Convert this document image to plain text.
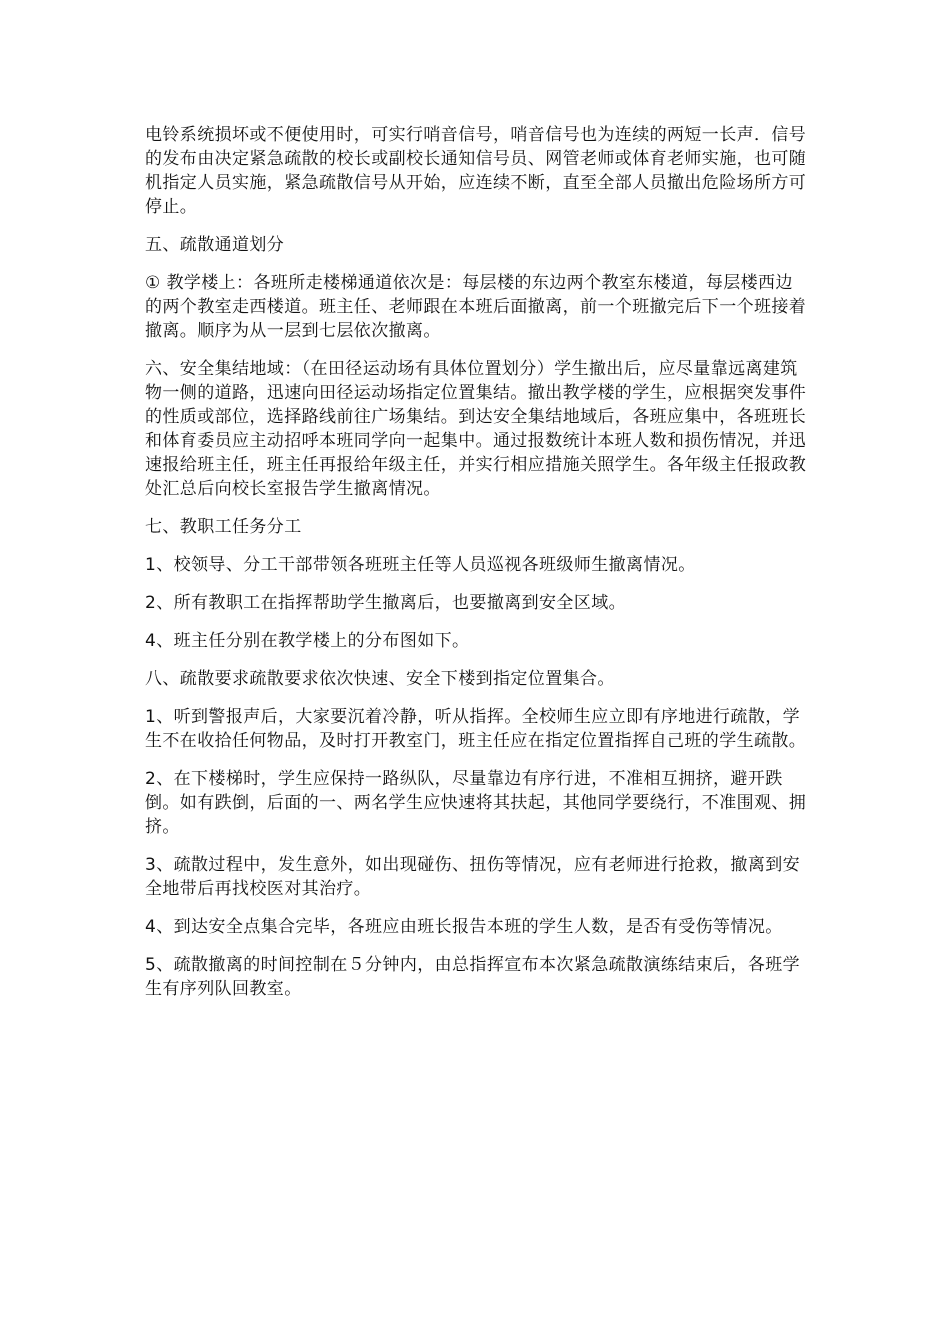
电铃系统损坏或不便使用时，可实行哨音信号，哨音信号也为连续的两短一长声．信号的发布由决定紧急疏散的校长或副校长通知信号员、网管老师或体育老师实施，也可随机指定人员实施，紧急疏散信号从开始，应连续不断，直至全部人员撤出危险场所方可停止。

五、疏散通道划分

① 教学楼上：各班所走楼梯通道依次是：每层楼的东边两个教室东楼道，每层楼西边的两个教室走西楼道。班主任、老师跟在本班后面撤离，前一个班撤完后下一个班接着撤离。顺序为从一层到七层依次撤离。

六、安全集结地域：（在田径运动场有具体位置划分）学生撤出后，应尽量靠远离建筑物一侧的道路，迅速向田径运动场指定位置集结。撤出教学楼的学生，应根据突发事件的性质或部位，选择路线前往广场集结。到达安全集结地域后，各班应集中，各班班长和体育委员应主动招呼本班同学向一起集中。通过报数统计本班人数和损伤情况，并迅速报给班主任，班主任再报给年级主任，并实行相应措施关照学生。各年级主任报政教处汇总后向校长室报告学生撤离情况。

七、教职工任务分工

1、校领导、分工干部带领各班班主任等人员巡视各班级师生撤离情况。

2、所有教职工在指挥帮助学生撤离后，也要撤离到安全区域。

4、班主任分别在教学楼上的分布图如下。

八、疏散要求疏散要求依次快速、安全下楼到指定位置集合。

1、听到警报声后，大家要沉着冷静，听从指挥。全校师生应立即有序地进行疏散，学生不在收拾任何物品，及时打开教室门，班主任应在指定位置指挥自己班的学生疏散。

2、在下楼梯时，学生应保持一路纵队，尽量靠边有序行进，不准相互拥挤，避开跌倒。如有跌倒，后面的一、两名学生应快速将其扶起，其他同学要绕行，不准围观、拥挤。

3、疏散过程中，发生意外，如出现碰伤、扭伤等情况，应有老师进行抢救，撤离到安全地带后再找校医对其治疗。

4、到达安全点集合完毕，各班应由班长报告本班的学生人数，是否有受伤等情况。

5、疏散撤离的时间控制在５分钟内，由总指挥宣布本次紧急疏散演练结束后，各班学生有序列队回教室。
